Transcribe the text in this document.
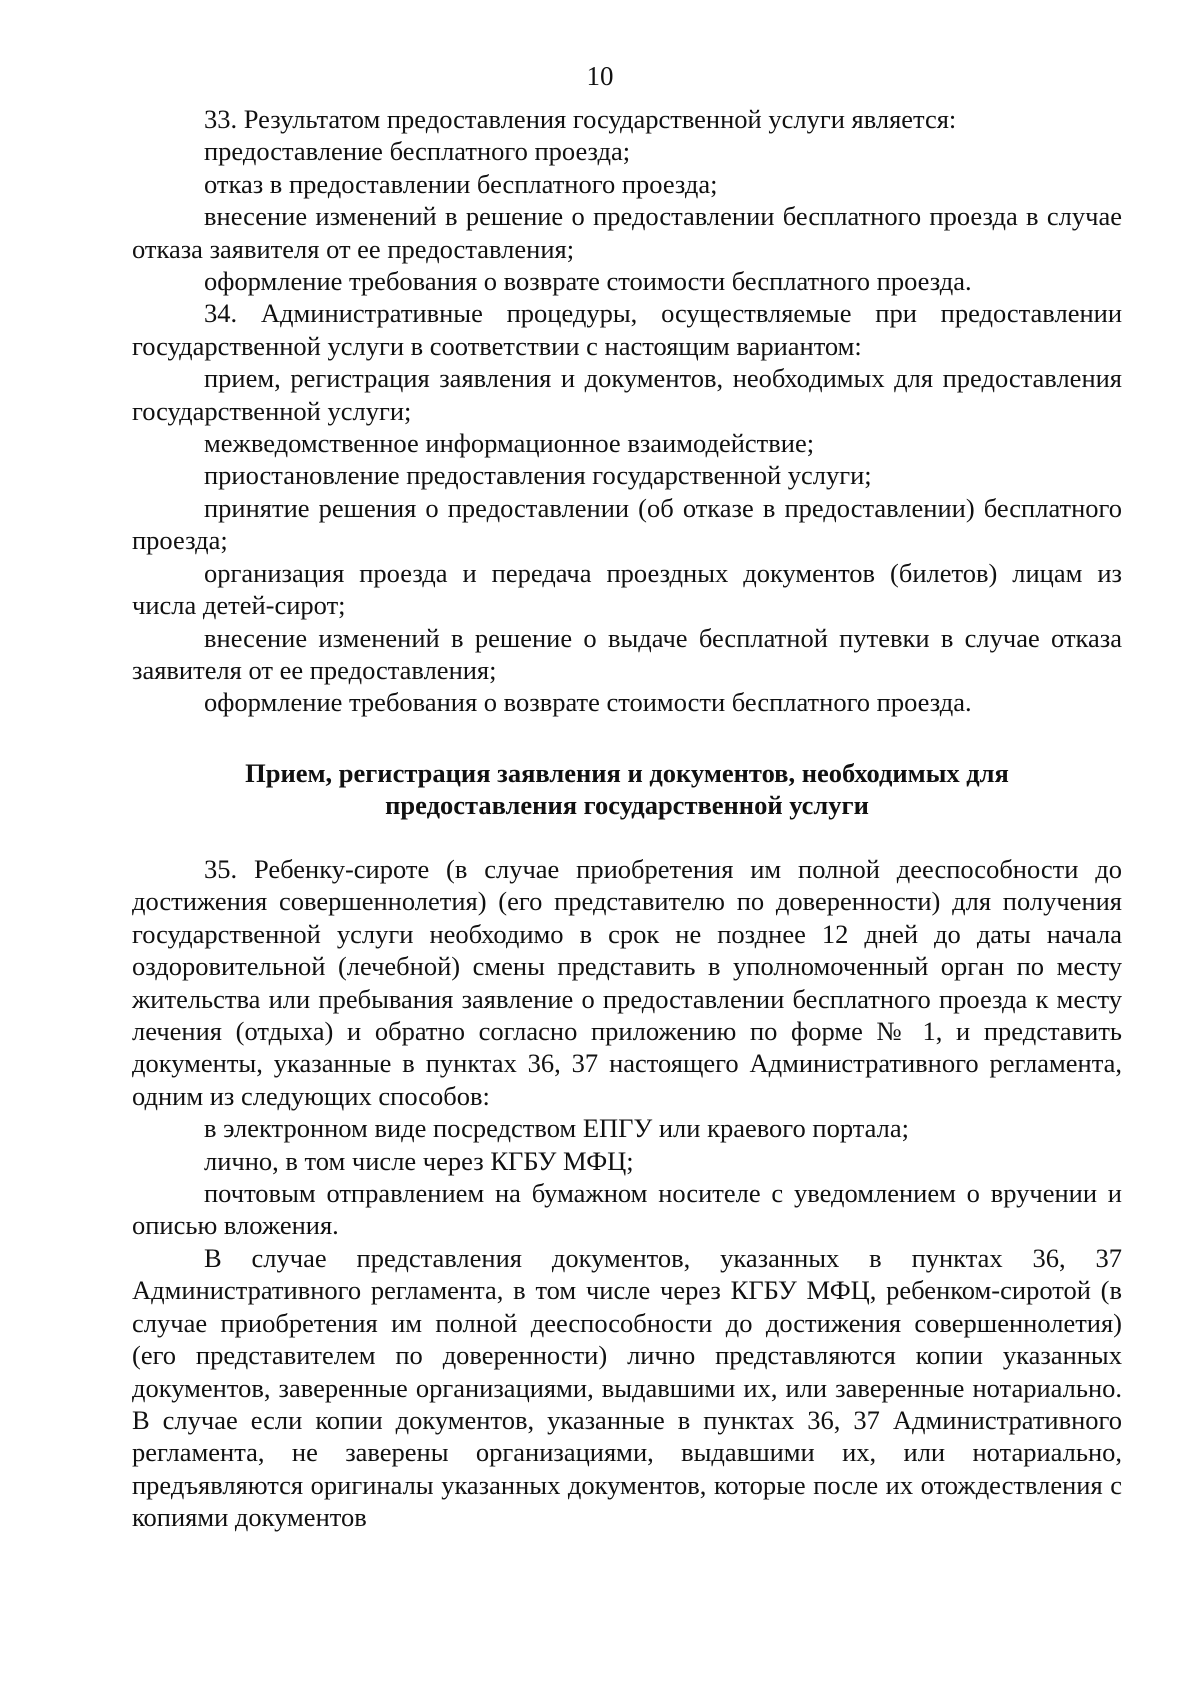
10

33. Результатом предоставления государственной услуги является:

предоставление бесплатного проезда;

отказ в предоставлении бесплатного проезда;

внесение изменений в решение о предоставлении бесплатного проезда в случае отказа заявителя от ее предоставления;

оформление требования о возврате стоимости бесплатного проезда.

34. Административные процедуры, осуществляемые при предоставлении государственной услуги в соответствии с настоящим вариантом:

прием, регистрация заявления и документов, необходимых для предоставления государственной услуги;

межведомственное информационное взаимодействие;

приостановление предоставления государственной услуги;

принятие решения о предоставлении (об отказе в предоставлении) бесплатного проезда;

организация проезда и передача проездных документов (билетов) лицам из числа детей-сирот;

внесение изменений в решение о выдаче бесплатной путевки в случае отказа заявителя от ее предоставления;

оформление требования о возврате стоимости бесплатного проезда.

Прием, регистрация заявления и документов, необходимых для
предоставления государственной услуги

35. Ребенку-сироте (в случае приобретения им полной дееспособности до достижения совершеннолетия) (его представителю по доверенности) для получения государственной услуги необходимо в срок не позднее 12 дней до даты начала оздоровительной (лечебной) смены представить в уполномоченный орган по месту жительства или пребывания заявление о предоставлении бесплатного проезда к месту лечения (отдыха) и обратно согласно приложению по форме № 1, и представить документы, указанные в пунктах 36, 37 настоящего Административного регламента, одним из следующих способов:

в электронном виде посредством ЕПГУ или краевого портала;

лично, в том числе через КГБУ МФЦ;

почтовым отправлением на бумажном носителе с уведомлением о вручении и описью вложения.

В случае представления документов, указанных в пунктах 36, 37 Административного регламента, в том числе через КГБУ МФЦ, ребенком-сиротой (в случае приобретения им полной дееспособности до достижения совершеннолетия) (его представителем по доверенности) лично представляются копии указанных документов, заверенные организациями, выдавшими их, или заверенные нотариально. В случае если копии документов, указанные в пунктах 36, 37 Административного регламента, не заверены организациями, выдавшими их, или нотариально, предъявляются оригиналы указанных документов, которые после их отождествления с копиями документов
